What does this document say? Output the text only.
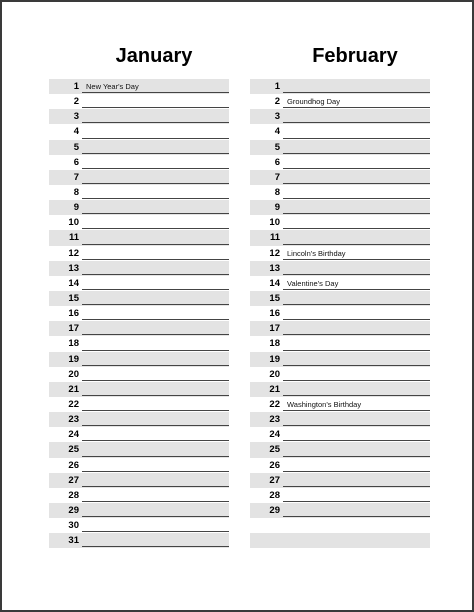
January
1 New Year's Day
2
3
4
5
6
7
8
9
10
11
12
13
14
15
16
17
18
19
20
21
22
23
24
25
26
27
28
29
30
31
February
1
2 Groundhog Day
3
4
5
6
7
8
9
10
11
12 Lincoln's Birthday
13
14 Valentine's Day
15
16
17
18
19
20
21
22 Washington's Birthday
23
24
25
26
27
28
29
